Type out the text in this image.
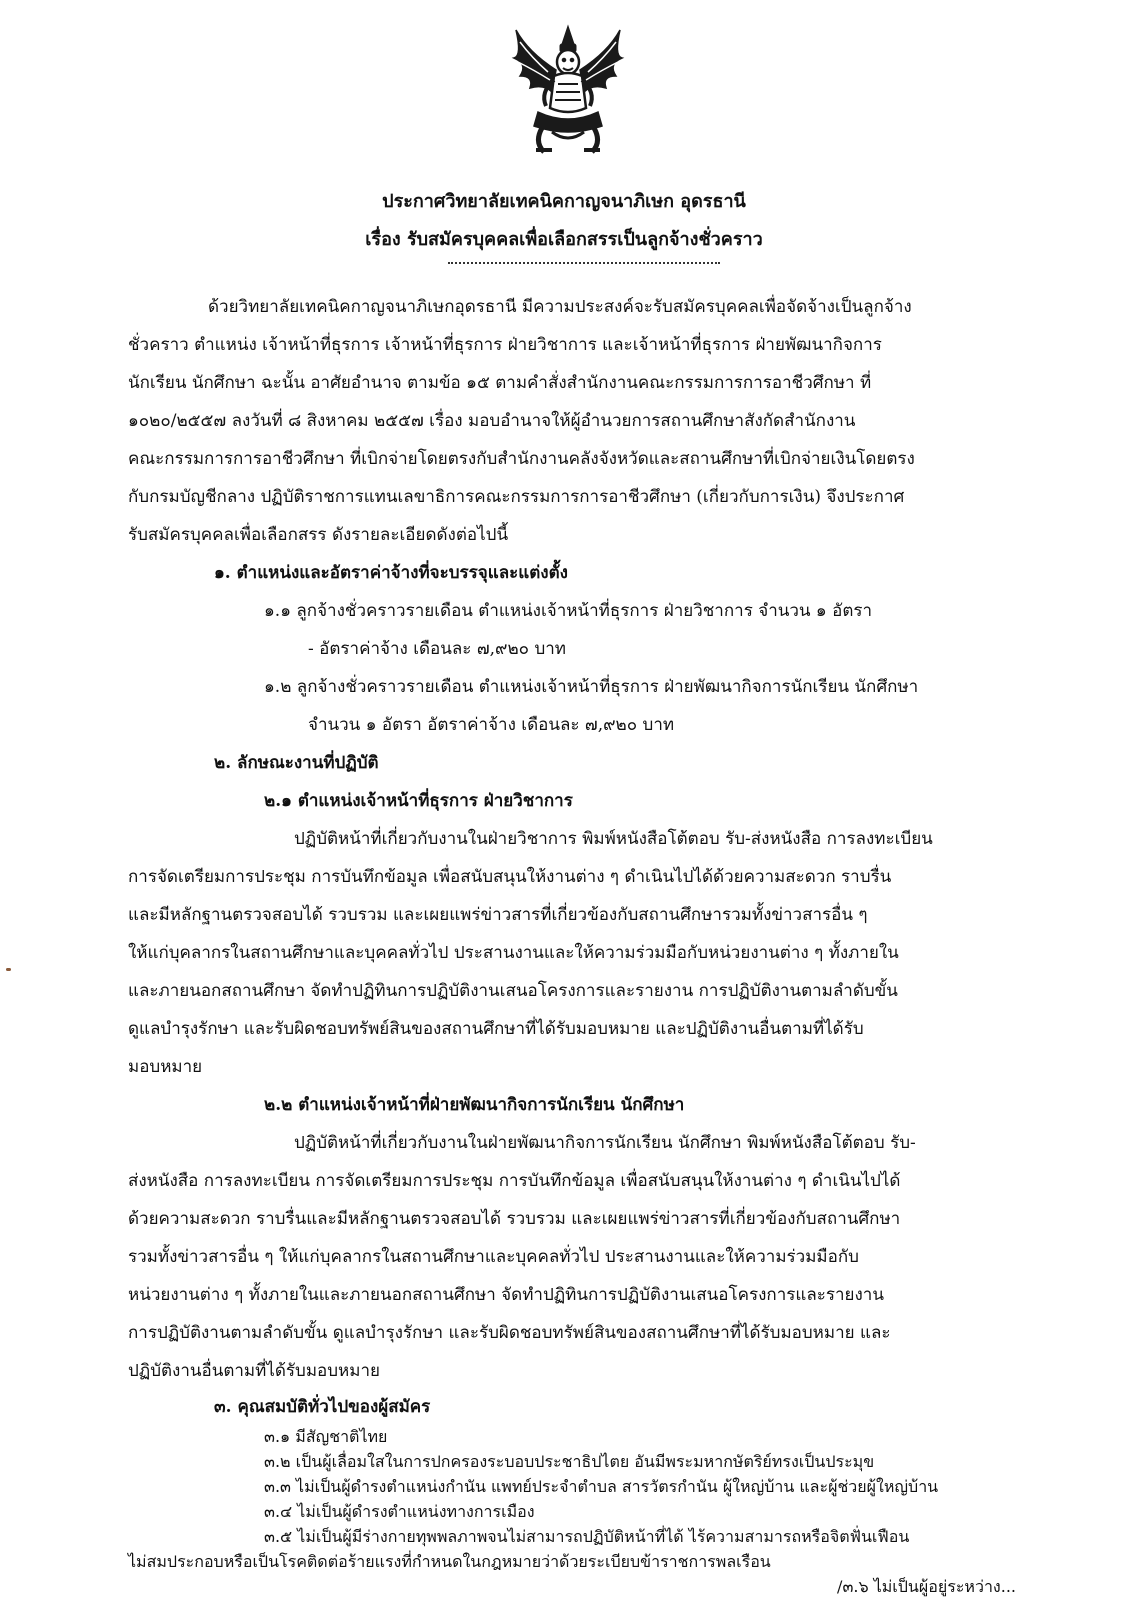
ประกาศวิทยาลัยเทคนิคกาญจนาภิเษก อุดรธานี
เรื่อง รับสมัครบุคคลเพื่อเลือกสรรเป็นลูกจ้างชั่วคราว
ด้วยวิทยาลัยเทคนิคกาญจนาภิเษกอุดรธานี มีความประสงค์จะรับสมัครบุคคลเพื่อจัดจ้างเป็นลูกจ้าง
ชั่วคราว ตำแหน่ง เจ้าหน้าที่ธุรการ เจ้าหน้าที่ธุรการ ฝ่ายวิชาการ และเจ้าหน้าที่ธุรการ ฝ่ายพัฒนากิจการ
นักเรียน นักศึกษา ฉะนั้น อาศัยอำนาจ ตามข้อ ๑๕ ตามคำสั่งสำนักงานคณะกรรมการการอาชีวศึกษา ที่
๑๐๒๐/๒๕๕๗ ลงวันที่ ๘ สิงหาคม ๒๕๕๗ เรื่อง มอบอำนาจให้ผู้อำนวยการสถานศึกษาสังกัดสำนักงาน
คณะกรรมการการอาชีวศึกษา ที่เบิกจ่ายโดยตรงกับสำนักงานคลังจังหวัดและสถานศึกษาที่เบิกจ่ายเงินโดยตรง
กับกรมบัญชีกลาง ปฏิบัติราชการแทนเลขาธิการคณะกรรมการการอาชีวศึกษา (เกี่ยวกับการเงิน) จึงประกาศ
รับสมัครบุคคลเพื่อเลือกสรร ดังรายละเอียดดังต่อไปนี้
๑. ตำแหน่งและอัตราค่าจ้างที่จะบรรจุและแต่งตั้ง
๑.๑ ลูกจ้างชั่วคราวรายเดือน ตำแหน่งเจ้าหน้าที่ธุรการ ฝ่ายวิชาการ จำนวน ๑ อัตรา
- อัตราค่าจ้าง เดือนละ ๗,๙๒๐ บาท
๑.๒ ลูกจ้างชั่วคราวรายเดือน ตำแหน่งเจ้าหน้าที่ธุรการ ฝ่ายพัฒนากิจการนักเรียน นักศึกษา
จำนวน ๑ อัตรา อัตราค่าจ้าง เดือนละ ๗,๙๒๐ บาท
๒. ลักษณะงานที่ปฏิบัติ
๒.๑ ตำแหน่งเจ้าหน้าที่ธุรการ ฝ่ายวิชาการ
ปฏิบัติหน้าที่เกี่ยวกับงานในฝ่ายวิชาการ พิมพ์หนังสือโต้ตอบ รับ-ส่งหนังสือ การลงทะเบียน
การจัดเตรียมการประชุม การบันทึกข้อมูล เพื่อสนับสนุนให้งานต่าง ๆ ดำเนินไปได้ด้วยความสะดวก ราบรื่น
และมีหลักฐานตรวจสอบได้ รวบรวม และเผยแพร่ข่าวสารที่เกี่ยวข้องกับสถานศึกษารวมทั้งข่าวสารอื่น ๆ
ให้แก่บุคลากรในสถานศึกษาและบุคคลทั่วไป ประสานงานและให้ความร่วมมือกับหน่วยงานต่าง ๆ ทั้งภายใน
และภายนอกสถานศึกษา จัดทำปฏิทินการปฏิบัติงานเสนอโครงการและรายงาน การปฏิบัติงานตามลำดับขั้น
ดูแลบำรุงรักษา และรับผิดชอบทรัพย์สินของสถานศึกษาที่ได้รับมอบหมาย และปฏิบัติงานอื่นตามที่ได้รับ
มอบหมาย
๒.๒ ตำแหน่งเจ้าหน้าที่ฝ่ายพัฒนากิจการนักเรียน นักศึกษา
ปฏิบัติหน้าที่เกี่ยวกับงานในฝ่ายพัฒนากิจการนักเรียน นักศึกษา พิมพ์หนังสือโต้ตอบ รับ-
ส่งหนังสือ การลงทะเบียน การจัดเตรียมการประชุม การบันทึกข้อมูล เพื่อสนับสนุนให้งานต่าง ๆ ดำเนินไปได้
ด้วยความสะดวก ราบรื่นและมีหลักฐานตรวจสอบได้ รวบรวม และเผยแพร่ข่าวสารที่เกี่ยวข้องกับสถานศึกษา
รวมทั้งข่าวสารอื่น ๆ ให้แก่บุคลากรในสถานศึกษาและบุคคลทั่วไป ประสานงานและให้ความร่วมมือกับ
หน่วยงานต่าง ๆ ทั้งภายในและภายนอกสถานศึกษา จัดทำปฏิทินการปฏิบัติงานเสนอโครงการและรายงาน
การปฏิบัติงานตามลำดับขั้น ดูแลบำรุงรักษา และรับผิดชอบทรัพย์สินของสถานศึกษาที่ได้รับมอบหมาย และ
ปฏิบัติงานอื่นตามที่ได้รับมอบหมาย
๓. คุณสมบัติทั่วไปของผู้สมัคร
๓.๑ มีสัญชาติไทย
๓.๒ เป็นผู้เลื่อมใสในการปกครองระบอบประชาธิปไตย อันมีพระมหากษัตริย์ทรงเป็นประมุข
๓.๓ ไม่เป็นผู้ดำรงตำแหน่งกำนัน แพทย์ประจำตำบล สารวัตรกำนัน ผู้ใหญ่บ้าน และผู้ช่วยผู้ใหญ่บ้าน
๓.๔ ไม่เป็นผู้ดำรงตำแหน่งทางการเมือง
๓.๕ ไม่เป็นผู้มีร่างกายทุพพลภาพจนไม่สามารถปฏิบัติหน้าที่ได้ ไร้ความสามารถหรือจิตฟั่นเฟือน
ไม่สมประกอบหรือเป็นโรคติดต่อร้ายแรงที่กำหนดในกฎหมายว่าด้วยระเบียบข้าราชการพลเรือน
/๓.๖ ไม่เป็นผู้อยู่ระหว่าง...
